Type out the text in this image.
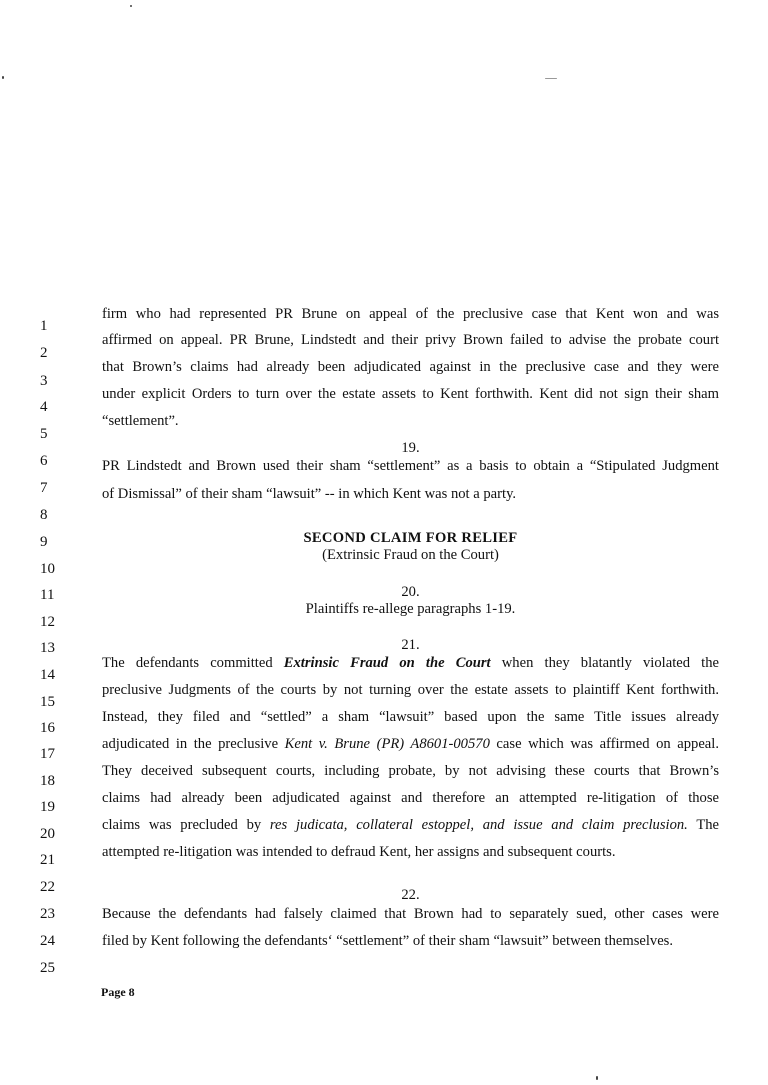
1
2
3
4
5
6
7
8
9
10
11
12
13
14
15
16
17
18
19
20
21
22
23
24
25
firm who had represented PR Brune on appeal of the preclusive case that Kent won and was
affirmed on appeal. PR Brune, Lindstedt and their privy Brown failed to advise the probate court
that Brown’s claims had already been adjudicated against in the preclusive case and they were
under explicit Orders to turn over the estate assets to Kent forthwith. Kent did not sign their sham
“settlement”.
19.
PR Lindstedt and Brown used their sham “settlement” as a basis to obtain a “Stipulated Judgment
of Dismissal” of their sham “lawsuit” -- in which Kent was not a party.
SECOND CLAIM FOR RELIEF
(Extrinsic Fraud on the Court)
20.
Plaintiffs re-allege paragraphs 1-19.
21.
The defendants committed Extrinsic Fraud on the Court when they blatantly violated the
preclusive Judgments of the courts by not turning over the estate assets to plaintiff Kent forthwith.
Instead, they filed and “settled” a sham “lawsuit” based upon the same Title issues already
adjudicated in the preclusive Kent v. Brune (PR) A8601-00570 case which was affirmed on appeal.
They deceived subsequent courts, including probate, by not advising these courts that Brown’s
claims had already been adjudicated against and therefore an attempted re-litigation of those
claims was precluded by res judicata, collateral estoppel, and issue and claim preclusion. The
attempted re-litigation was intended to defraud Kent, her assigns and subsequent courts.
22.
Because the defendants had falsely claimed that Brown had to separately sued, other cases were
filed by Kent following the defendants‘ “settlement” of their sham “lawsuit” between themselves.
Page 8
